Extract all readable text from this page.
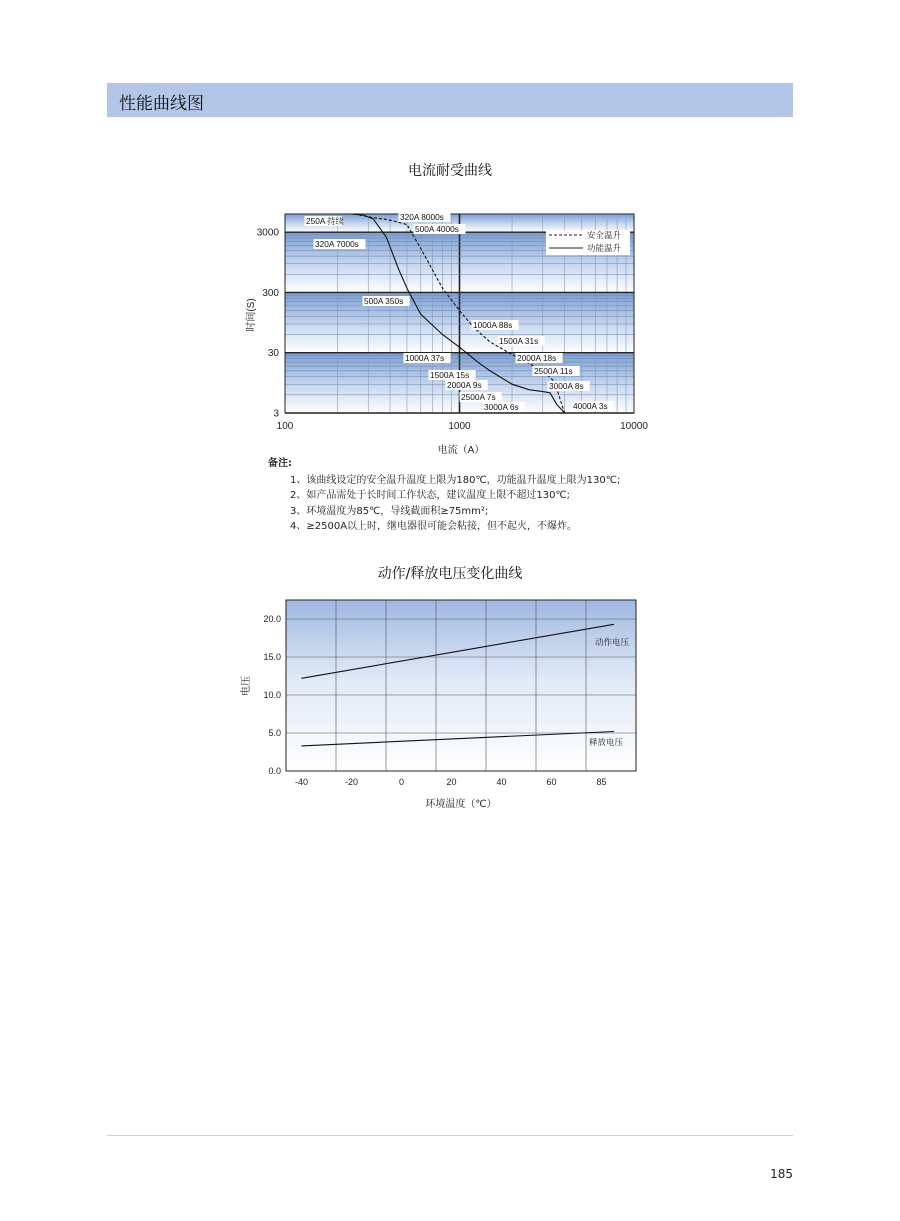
性能曲线图
电流耐受曲线
安全温升
功能温升
250A 持续	320A 8000s
500A 4000s
320A 7000s
500A 350s
1000A 88s
1500A 31s
1000A 37s	2000A 18s
1500A 15s	2500A 11s
2000A 9s	3000A 8s
2500A 7s
3000A 6s	4000A 3s
100	1000	10000
3
30
300
3000
电流（A）
时间(S)
备注:
1、该曲线设定的安全温升温度上限为180℃，功能温升温度上限为130℃;
2、如产品需处于长时间工作状态，建议温度上限不超过130℃;
3、环境温度为85℃，导线截面积≥75mm²;
4、≥2500A以上时，继电器很可能会粘接，但不起火，不爆炸。
动作/释放电压变化曲线
动作电压
释放电压
-40	-20	0	20	40	60	85
0.0
5.0
10.0
15.0
20.0
环境温度（℃）
电压
185
